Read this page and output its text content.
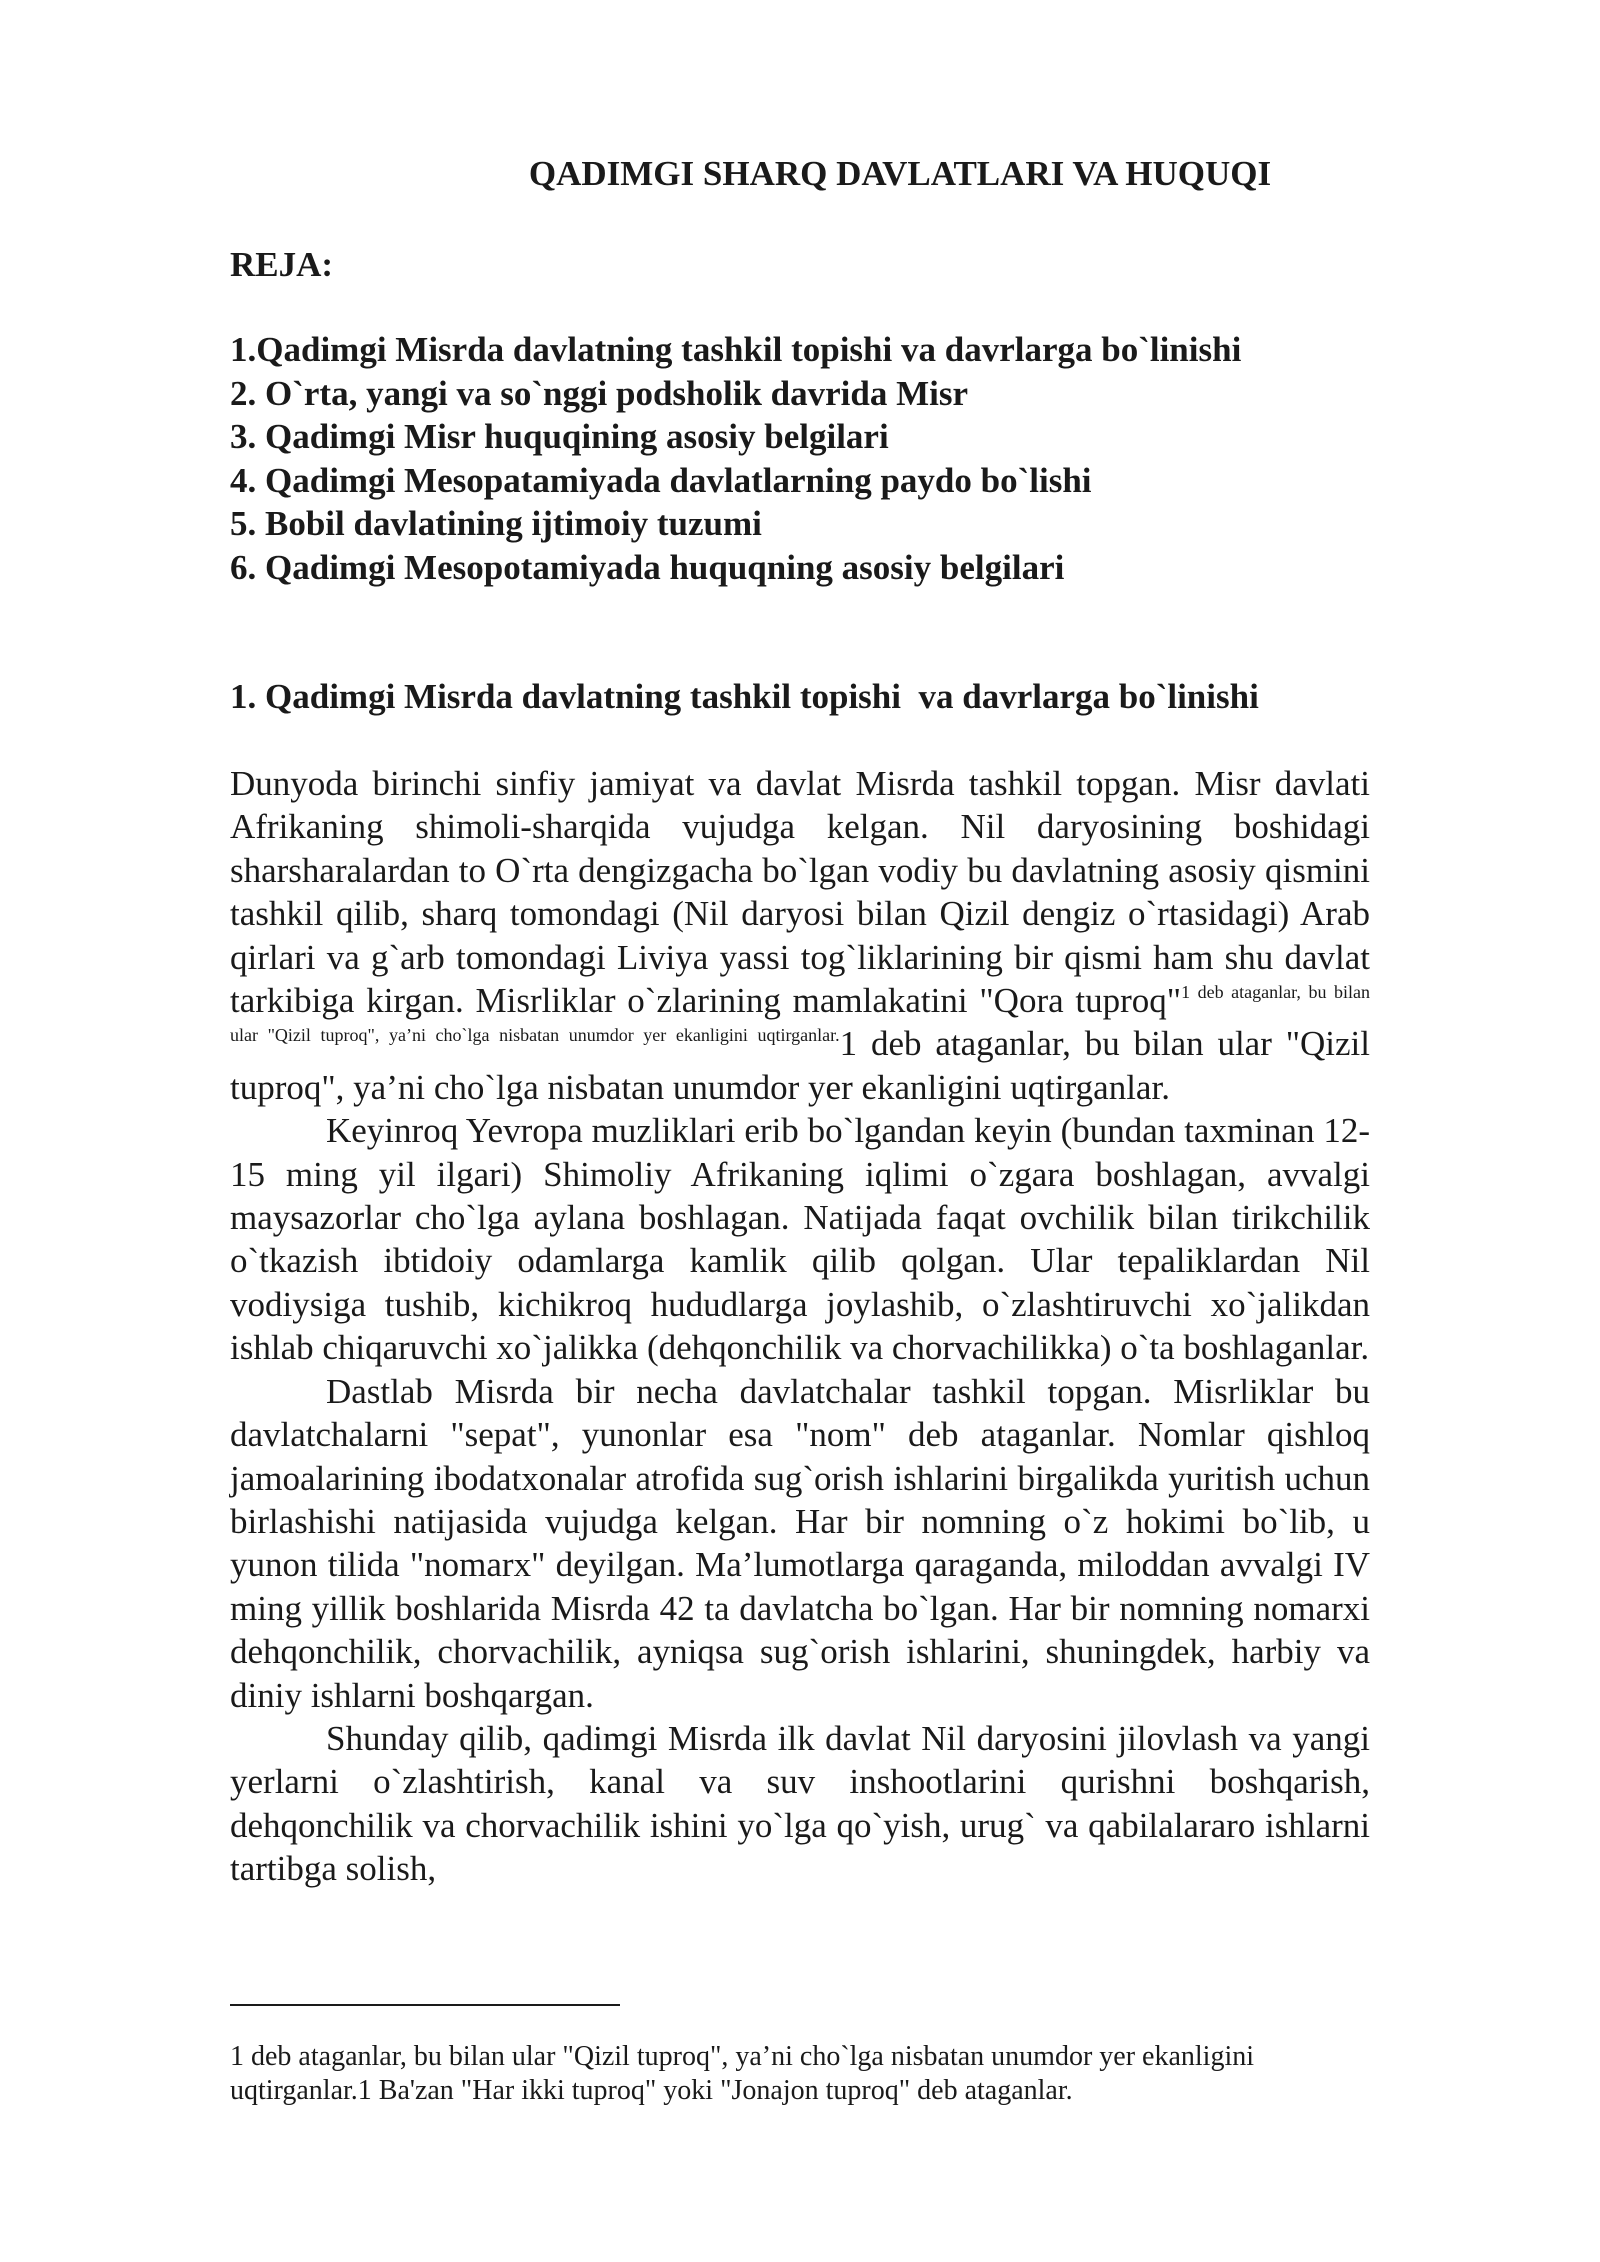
QADIMGI SHARQ DAVLATLARI VA HUQUQI
REJA:
1.Qadimgi Misrda davlatning tashkil topishi va davrlarga bo`linishi
2. O`rta, yangi va so`nggi podsholik davrida Misr
3. Qadimgi Misr huquqining asosiy belgilari
4. Qadimgi Mesopatamiyada davlatlarning paydo bo`lishi
5. Bobil davlatining ijtimoiy tuzumi
6. Qadimgi Mesopotamiyada huquqning asosiy belgilari
1. Qadimgi Misrda davlatning tashkil topishi  va davrlarga bo`linishi

Dunyoda birinchi sinfiy jamiyat va davlat Misrda tashkil topgan. Misr davlati Afrikaning shimoli-sharqida vujudga kelgan. Nil daryosining boshidagi sharsharalardan to O`rta dengizgacha bo`lgan vodiy bu davlatning asosiy qismini tashkil qilib, sharq tomondagi (Nil daryosi bilan Qizil dengiz o`rtasidagi) Arab qirlari va g`arb tomondagi Liviya yassi tog`liklarining bir qismi ham shu davlat tarkibiga kirgan. Misrliklar o`zlarining mamlakatini "Qora tuproq"$^{1 deb ataganlar, bu bilan ular "Qizil tuproq", ya’ni cho`lga nisbatan unumdor yer ekanligini uqtirganlar.}$1 deb ataganlar, bu bilan ular "Qizil tuproq", ya’ni cho`lga nisbatan unumdor yer ekanligini uqtirganlar.

Keyinroq Yevropa muzliklari erib bo`lgandan keyin (bundan taxminan 12-15 ming yil ilgari) Shimoliy Afrikaning iqlimi o`zgara boshlagan, avvalgi maysazorlar cho`lga aylana boshlagan. Natijada faqat ovchilik bilan tirikchilik o`tkazish ibtidoiy odamlarga kamlik qilib qolgan. Ular tepaliklardan Nil vodiysiga tushib, kichikroq hududlarga joylashib, o`zlashtiruvchi xo`jalikdan ishlab chiqaruvchi xo`jalikka (dehqonchilik va chorvachilikka) o`ta boshlaganlar.

Dastlab Misrda bir necha davlatchalar tashkil topgan. Misrliklar bu davlatchalarni "sepat", yunonlar esa "nom" deb ataganlar. Nomlar qishloq jamoalarining ibodatxonalar atrofida sug`orish ishlarini birgalikda yuritish uchun birlashishi natijasida vujudga kelgan. Har bir nomning o`z hokimi bo`lib, u yunon tilida "nomarx" deyilgan. Ma’lumotlarga qaraganda, miloddan avvalgi IV ming yillik boshlarida Misrda 42 ta davlatcha bo`lgan. Har bir nomning nomarxi dehqonchilik, chorvachilik, ayniqsa sug`orish ishlarini, shuningdek, harbiy va diniy ishlarni boshqargan.

Shunday qilib, qadimgi Misrda ilk davlat Nil daryosini jilovlash va yangi yerlarni o`zlashtirish, kanal va suv inshootlarini qurishni boshqarish, dehqonchilik va chorvachilik ishini yo`lga qo`yish, urug` va qabilalararo ishlarni tartibga solish,

1 deb ataganlar, bu bilan ular "Qizil tuproq", ya’ni cho`lga nisbatan unumdor yer ekanligini uqtirganlar.1 Ba'zan "Har ikki tuproq" yoki "Jonajon tuproq" deb ataganlar.
